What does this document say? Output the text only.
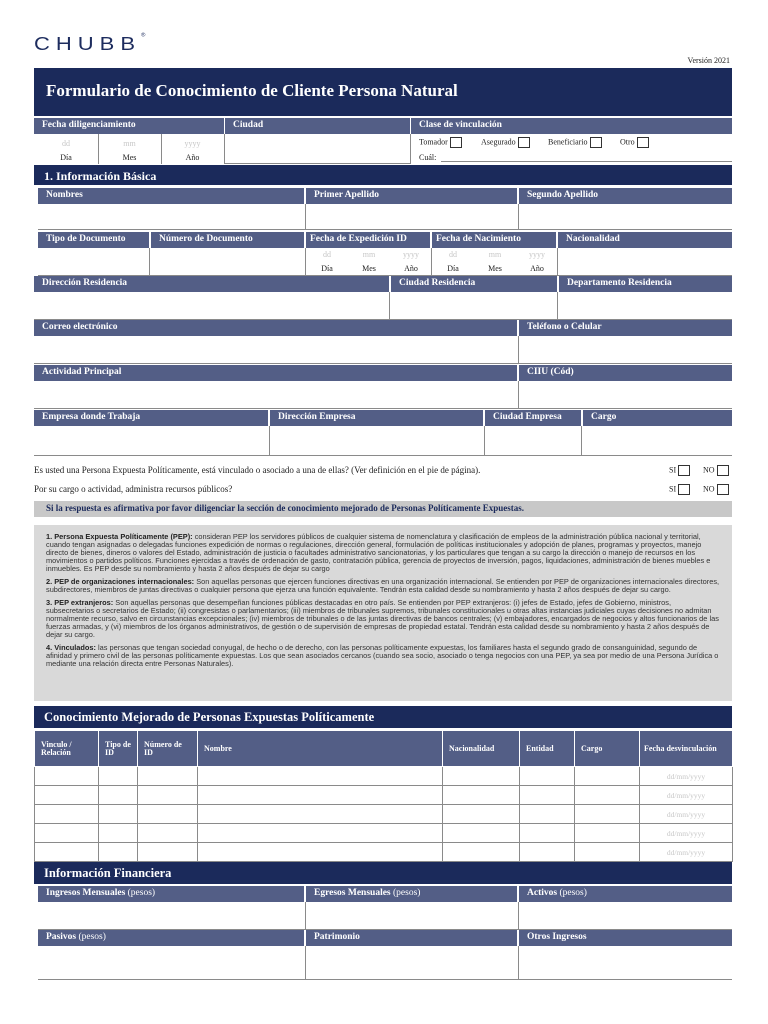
CHUBB®
Versión 2021
Formulario de Conocimiento de Cliente Persona Natural
Fecha diligenciamiento	Ciudad	Clase de vinculación
dd	mm	yyyy
Día	Mes	Año
Tomador	Asegurado	Beneficiario	Otro
Cuál:
1. Información Básica
Nombres	Primer Apellido	Segundo Apellido
Tipo de Documento	Número de Documento	Fecha de Expedición ID	Fecha de Nacimiento	Nacionalidad
dd	mm	yyyy
Día	Mes	Año
dd	mm	yyyy
Día	Mes	Año
Dirección Residencia	Ciudad Residencia	Departamento Residencia
Correo electrónico	Teléfono o Celular
Actividad Principal	CIIU (Cód)
Empresa donde Trabaja	Dirección Empresa	Ciudad Empresa	Cargo
Es usted una Persona Expuesta Políticamente, está vinculado o asociado a una de ellas? (Ver definición en el pie de página).	SI	NO
Por su cargo o actividad, administra recursos públicos?	SI	NO
Si la respuesta es afirmativa por favor diligenciar la sección de conocimiento mejorado de Personas Políticamente Expuestas.

1. Persona Expuesta Políticamente (PEP): consideran PEP los servidores públicos de cualquier sistema de nomenclatura y clasificación de empleos de la administración pública nacional y territorial, cuando tengan asignadas o delegadas funciones expedición de normas o regulaciones, dirección general, formulación de políticas institucionales y adopción de planes, programas y proyectos, manejo directo de bienes, dineros o valores del Estado, administración de justicia o facultades administrativo sancionatorias, y los particulares que tengan a su cargo la dirección o manejo de recursos en los movimientos o partidos políticos. Funciones ejercidas a través de ordenación de gasto, contratación pública, gerencia de proyectos de inversión, pagos, liquidaciones, administración de bienes muebles e inmuebles. Es PEP desde su nombramiento y hasta 2 años después de dejar su cargo

2. PEP de organizaciones internacionales: Son aquellas personas que ejercen funciones directivas en una organización internacional. Se entienden por PEP de organizaciones internacionales directores, subdirectores, miembros de juntas directivas o cualquier persona que ejerza una función equivalente. Tendrán esta calidad desde su nombramiento y hasta 2 años después de dejar su cargo.

3. PEP extranjeros: Son aquellas personas que desempeñan funciones públicas destacadas en otro país. Se entienden por PEP extranjeros: (i) jefes de Estado, jefes de Gobierno, ministros, subsecretarios o secretarios de Estado; (ii) congresistas o parlamentarios; (iii) miembros de tribunales supremos, tribunales constitucionales u otras altas instancias judiciales cuyas decisiones no admitan normalmente recurso, salvo en circunstancias excepcionales; (iv) miembros de tribunales o de las juntas directivas de bancos centrales; (v) embajadores, encargados de negocios y altos funcionarios de las fuerzas armadas, y (vi) miembros de los órganos administrativos, de gestión o de supervisión de empresas de propiedad estatal. Tendrán esta calidad desde su nombramiento y hasta 2 años después de dejar su cargo.

4. Vinculados: las personas que tengan sociedad conyugal, de hecho o de derecho, con las personas políticamente expuestas, los familiares hasta el segundo grado de consanguinidad, segundo de afinidad y primero civil de las personas políticamente expuestas. Los que sean asociados cercanos (cuando sea socio, asociado o tenga negocios con una PEP, ya sea por medio de una Persona Jurídica o mediante una relación directa entre Personas Naturales).

Conocimiento Mejorado de Personas Expuestas Políticamente
Vinculo / Relación	Tipo de ID	Número de ID	Nombre	Nacionalidad	Entidad	Cargo	Fecha desvinculación
							dd/mm/yyyy
							dd/mm/yyyy
							dd/mm/yyyy
							dd/mm/yyyy
							dd/mm/yyyy
Información Financiera
Ingresos Mensuales (pesos)	Egresos Mensuales (pesos)	Activos (pesos)
Pasivos (pesos)	Patrimonio	Otros Ingresos
